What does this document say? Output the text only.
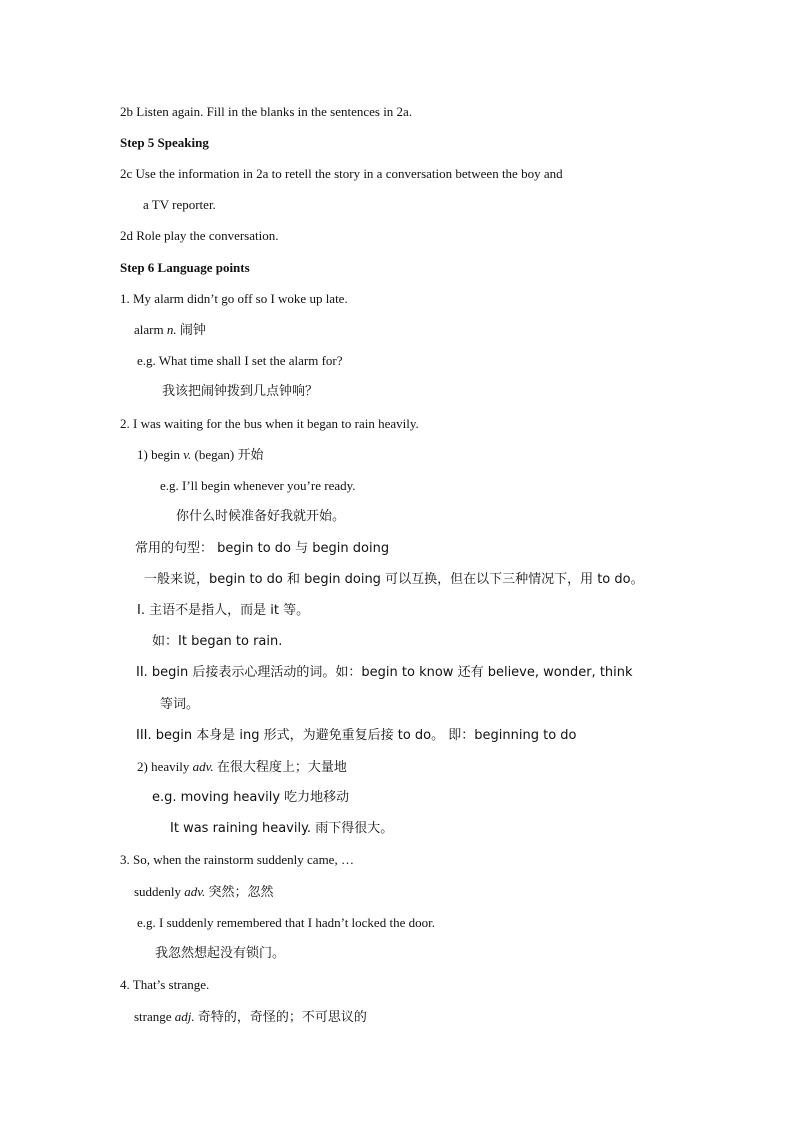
2b Listen again. Fill in the blanks in the sentences in 2a.
Step 5 Speaking
2c Use the information in 2a to retell the story in a conversation between the boy and
a TV reporter.
2d Role play the conversation.
Step 6 Language points
1. My alarm didn’t go off so I woke up late.
alarm n. 闹钟
e.g. What time shall I set the alarm for?
我该把闹钟拨到几点钟响？
2. I was waiting for the bus when it began to rain heavily.
1) begin v. (began) 开始
e.g. I’ll begin whenever you’re ready.
你什么时候准备好我就开始。
常用的句型： begin to do 与 begin doing
一般来说，begin to do 和 begin doing 可以互换，但在以下三种情况下，用 to do。
I. 主语不是指人，而是 it 等。
如：It began to rain.
II. begin 后接表示心理活动的词。如：begin to know 还有 believe, wonder, think
等词。
III. begin 本身是 ing 形式，为避免重复后接 to do。 即：beginning to do
2) heavily adv. 在很大程度上；大量地
e.g. moving heavily 吃力地移动
It was raining heavily. 雨下得很大。
3. So, when the rainstorm suddenly came, …
suddenly adv. 突然；忽然
e.g. I suddenly remembered that I hadn’t locked the door.
我忽然想起没有锁门。
4. That’s strange.
strange adj. 奇特的，奇怪的；不可思议的
